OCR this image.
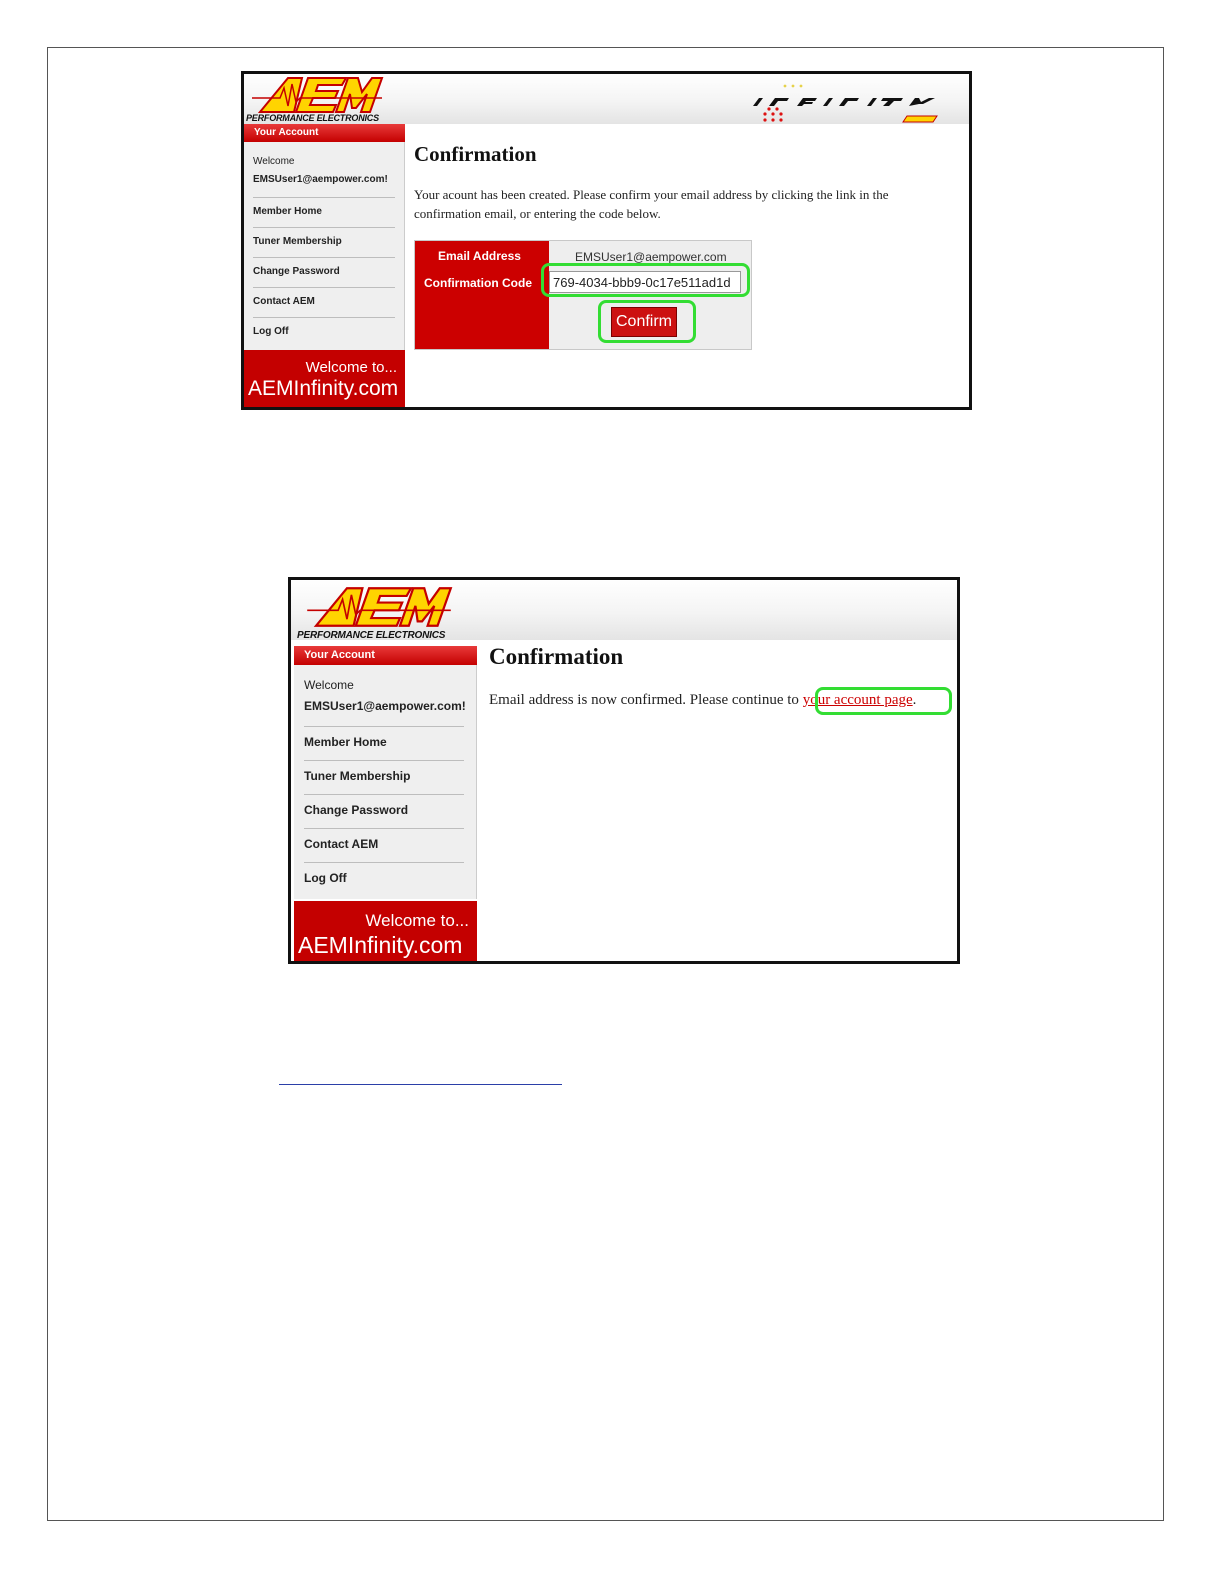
PERFORMANCE ELECTRONICS
Your Account
Welcome
EMSUser1@aempower.com!
Member Home
Tuner Membership
Change Password
Contact AEM
Log Off
Welcome to...
AEMInfinity.com
Confirmation
Your acount has been created. Please confirm your email address by clicking the link in the
confirmation email, or entering the code below.
Email Address	EMSUser1@aempower.com
Confirmation Code
769-4034-bbb9-0c17e511ad1d
Confirm
PERFORMANCE ELECTRONICS
Your Account
Welcome
EMSUser1@aempower.com!
Member Home
Tuner Membership
Change Password
Contact AEM
Log Off
Welcome to...
AEMInfinity.com
Confirmation
Email address is now confirmed. Please continue to your account page.
